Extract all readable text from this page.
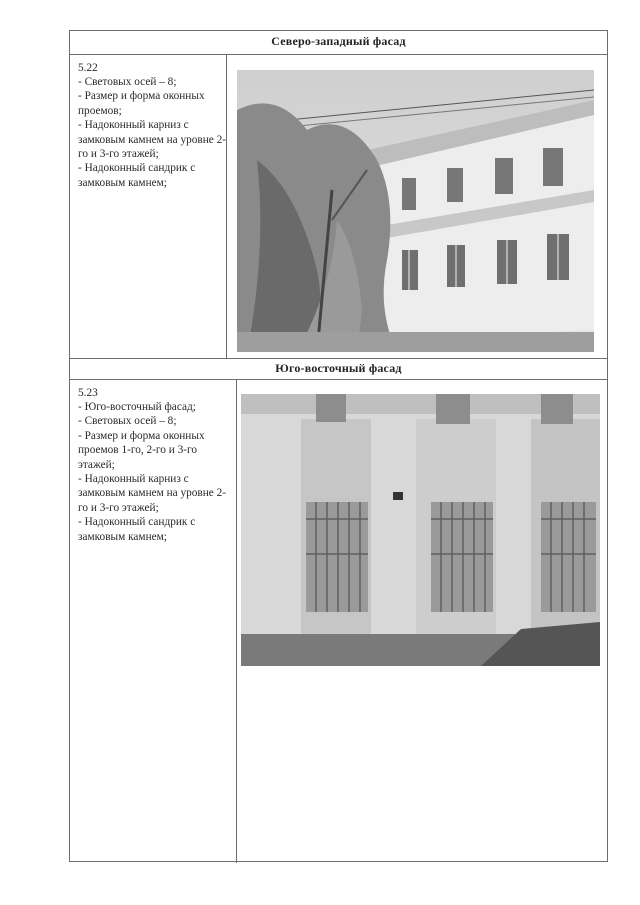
Северо-западный фасад
5.22
- Световых осей – 8;
- Размер и форма оконных проемов;
- Надоконный карниз с замковым камнем на уровне 2-го и 3-го этажей;
- Надоконный сандрик с замковым камнем;
Юго-восточный фасад
5.23
- Юго-восточный фасад;
- Световых осей – 8;
- Размер и форма оконных проемов 1-го, 2-го и 3-го этажей;
- Надоконный карниз с замковым камнем на уровне 2-го и 3-го этажей;
- Надоконный сандрик с замковым камнем;
